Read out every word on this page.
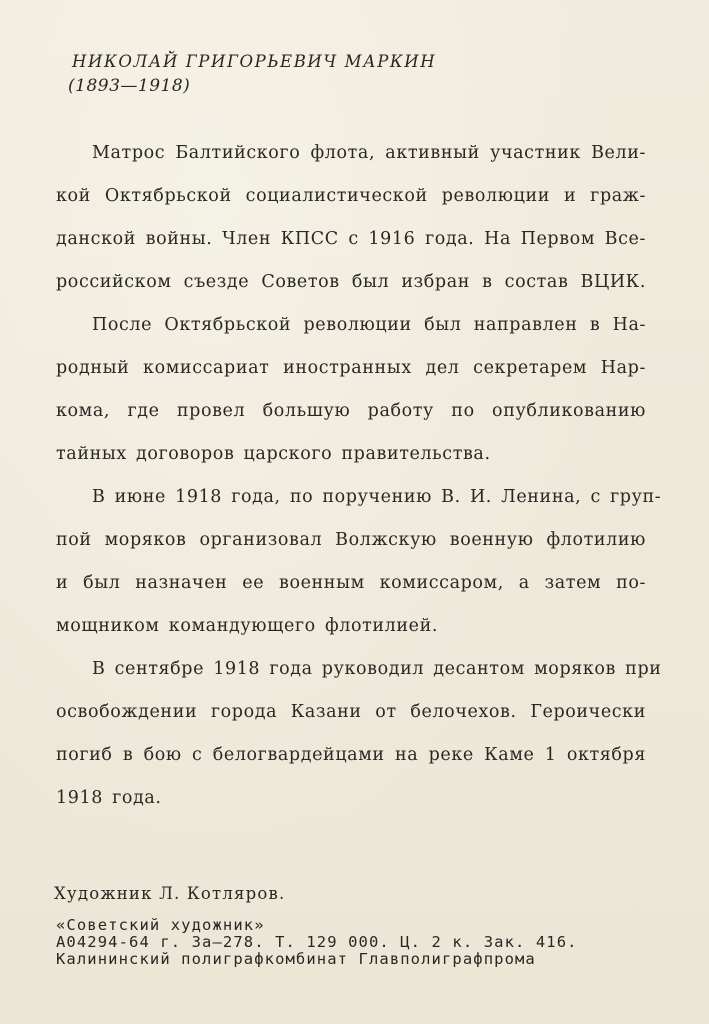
НИКОЛАЙ ГРИГОРЬЕВИЧ МАРКИН
(1893—1918)
Матрос Балтийского флота, активный участник Вели-
кой Октябрьской социалистической революции и граж-
данской войны. Член КПСС с 1916 года. На Первом Все-
российском съезде Советов был избран в состав ВЦИК.
После Октябрьской революции был направлен в На-
родный комиссариат иностранных дел секретарем Нар-
кома, где провел большую работу по опубликованию
тайных договоров царского правительства.
В июне 1918 года, по поручению В. И. Ленина, с груп-
пой моряков организовал Волжскую военную флотилию
и был назначен ее военным комиссаром, а затем по-
мощником командующего флотилией.
В сентябре 1918 года руководил десантом моряков при
освобождении города Казани от белочехов. Героически
погиб в бою с белогвардейцами на реке Каме 1 октября
1918 года.
Художник Л. Котляров.
«Советский художник»
А04294-64 г. За—278. Т. 129 000. Ц. 2 к. Зак. 416.
Калининский полиграфкомбинат Главполиграфпрома
